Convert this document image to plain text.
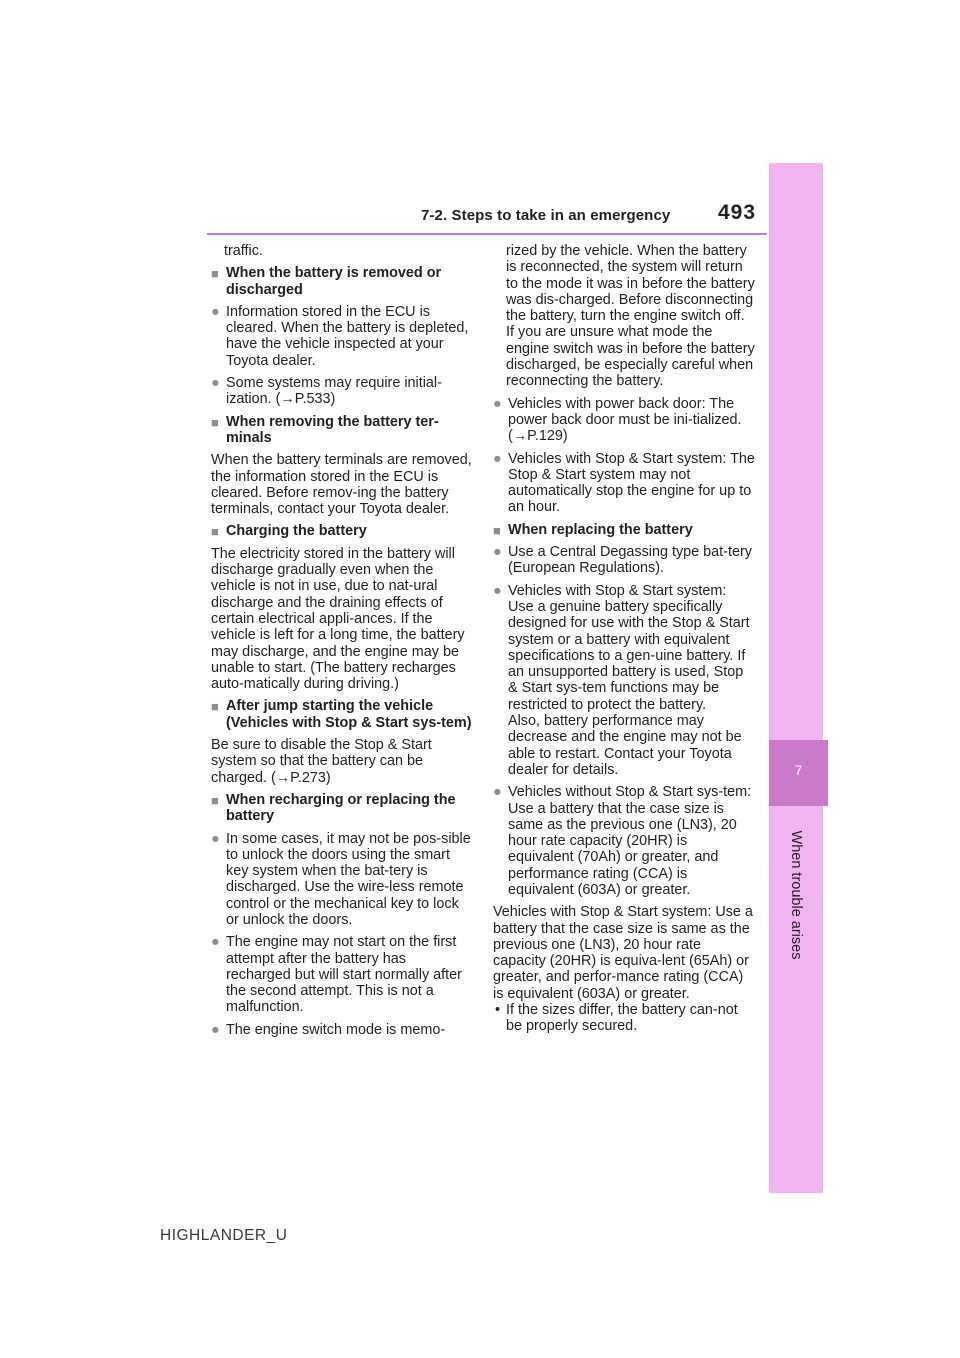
7-2. Steps to take in an emergency 493
7
When trouble arises

traffic.

■ When the battery is removed or discharged

● Information stored in the ECU is cleared. When the battery is depleted, have the vehicle inspected at your Toyota dealer.

● Some systems may require initial-ization. (→P.533)

■ When removing the battery ter-minals

When the battery terminals are removed, the information stored in the ECU is cleared. Before remov-ing the battery terminals, contact your Toyota dealer.

■ Charging the battery

The electricity stored in the battery will discharge gradually even when the vehicle is not in use, due to nat-ural discharge and the draining effects of certain electrical appli-ances. If the vehicle is left for a long time, the battery may discharge, and the engine may be unable to start. (The battery recharges auto-matically during driving.)

■ After jump starting the vehicle (Vehicles with Stop & Start sys-tem)

Be sure to disable the Stop & Start system so that the battery can be charged. (→P.273)

■ When recharging or replacing the battery

● In some cases, it may not be pos-sible to unlock the doors using the smart key system when the bat-tery is discharged. Use the wire-less remote control or the mechanical key to lock or unlock the doors.

● The engine may not start on the first attempt after the battery has recharged but will start normally after the second attempt. This is not a malfunction.

● The engine switch mode is memo-

rized by the vehicle. When the battery is reconnected, the system will return to the mode it was in before the battery was dis-charged. Before disconnecting the battery, turn the engine switch off. If you are unsure what mode the engine switch was in before the battery discharged, be especially careful when reconnecting the battery.

● Vehicles with power back door: The power back door must be ini-tialized. (→P.129)

● Vehicles with Stop & Start system: The Stop & Start system may not automatically stop the engine for up to an hour.

■ When replacing the battery

● Use a Central Degassing type bat-tery (European Regulations).

● Vehicles with Stop & Start system: Use a genuine battery specifically designed for use with the Stop & Start system or a battery with equivalent specifications to a gen-uine battery. If an unsupported battery is used, Stop & Start sys-tem functions may be restricted to protect the battery.
Also, battery performance may decrease and the engine may not be able to restart. Contact your Toyota dealer for details.

● Vehicles without Stop & Start sys-tem: Use a battery that the case size is same as the previous one (LN3), 20 hour rate capacity (20HR) is equivalent (70Ah) or greater, and performance rating (CCA) is equivalent (603A) or greater.

Vehicles with Stop & Start system: Use a battery that the case size is same as the previous one (LN3), 20 hour rate capacity (20HR) is equiva-lent (65Ah) or greater, and perfor-mance rating (CCA) is equivalent (603A) or greater.

• If the sizes differ, the battery can-not be properly secured.

HIGHLANDER_U
